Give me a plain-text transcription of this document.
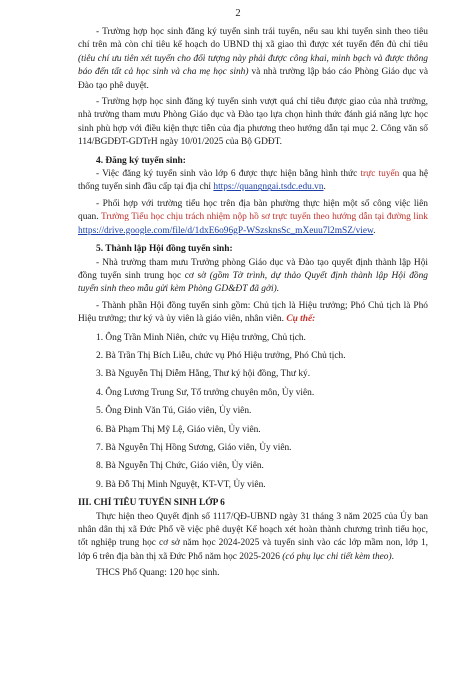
2

- Trường hợp học sinh đăng ký tuyển sinh trái tuyến, nếu sau khi tuyển sinh theo tiêu chí trên mà còn chỉ tiêu kế hoạch do UBND thị xã giao thì được xét tuyển đến đủ chỉ tiêu (tiêu chí ưu tiên xét tuyển cho đối tượng này phải được công khai, minh bạch và được thông báo đến tất cả học sinh và cha mẹ học sinh) và nhà trường lập báo cáo Phòng Giáo dục và Đào tạo phê duyệt.

- Trường hợp học sinh đăng ký tuyển sinh vượt quá chỉ tiêu được giao của nhà trường, nhà trường tham mưu Phòng Giáo dục và Đào tạo lựa chọn hình thức đánh giá năng lực học sinh phù hợp với điều kiện thực tiễn của địa phương theo hướng dẫn tại mục 2. Công văn số 114/BGDĐT-GDTrH ngày 10/01/2025 của Bộ GDĐT.

4. Đăng ký tuyển sinh:

- Việc đăng ký tuyển sinh vào lớp 6 được thực hiện bằng hình thức trực tuyến qua hệ thống tuyển sinh đầu cấp tại địa chỉ https://quangngai.tsdc.edu.vn.

- Phối hợp với trường tiểu học trên địa bàn phường thực hiện một số công việc liên quan. Trường Tiểu học chịu trách nhiệm nộp hồ sơ trực tuyến theo hướng dẫn tại đường link https://drive.google.com/file/d/1dxE6o96gP-WSzsknsSc_mXeuu7l2mSZ/view.

5. Thành lập Hội đồng tuyển sinh:

- Nhà trường tham mưu Trưởng phòng Giáo dục và Đào tạo quyết định thành lập Hội đồng tuyển sinh trung học cơ sở (gồm Tờ trình, dự thảo Quyết định thành lập Hội đồng tuyển sinh theo mẫu gửi kèm Phòng GD&ĐT đã gởi).

- Thành phần Hội đồng tuyển sinh gồm: Chủ tịch là Hiệu trưởng; Phó Chủ tịch là Phó Hiệu trưởng; thư ký và ủy viên là giáo viên, nhân viên. Cụ thể:

1. Ông Trần Minh Niên, chức vụ Hiệu trưởng, Chủ tịch.

2. Bà Trần Thị Bích Liễu, chức vụ Phó Hiệu trưởng, Phó Chủ tịch.

3. Bà Nguyễn Thị Diễm Hằng, Thư ký hội đồng, Thư ký.

4. Ông Lương Trung Sư, Tổ trưởng chuyên môn, Ủy viên.

5. Ông Đinh Văn Tú, Giáo viên, Ủy viên.

6. Bà Phạm Thị Mỹ Lệ, Giáo viên, Ủy viên.

7. Bà Nguyễn Thị Hồng Sương, Giáo viên, Ủy viên.

8. Bà Nguyễn Thị Chức, Giáo viên, Ủy viên.

9. Bà Đỗ Thị Minh Nguyệt, KT-VT, Ủy viên.

III. CHỈ TIÊU TUYỂN SINH LỚP 6

Thực hiện theo Quyết định số 1117/QĐ-UBND ngày 31 tháng 3 năm 2025 của Ủy ban nhân dân thị xã Đức Phổ về việc phê duyệt Kế hoạch xét hoàn thành chương trình tiểu học, tốt nghiệp trung học cơ sở năm học 2024-2025 và tuyển sinh vào các lớp mầm non, lớp 1, lớp 6 trên địa bàn thị xã Đức Phổ năm học 2025-2026 (có phụ lục chi tiết kèm theo).

THCS Phổ Quang: 120 học sinh.
